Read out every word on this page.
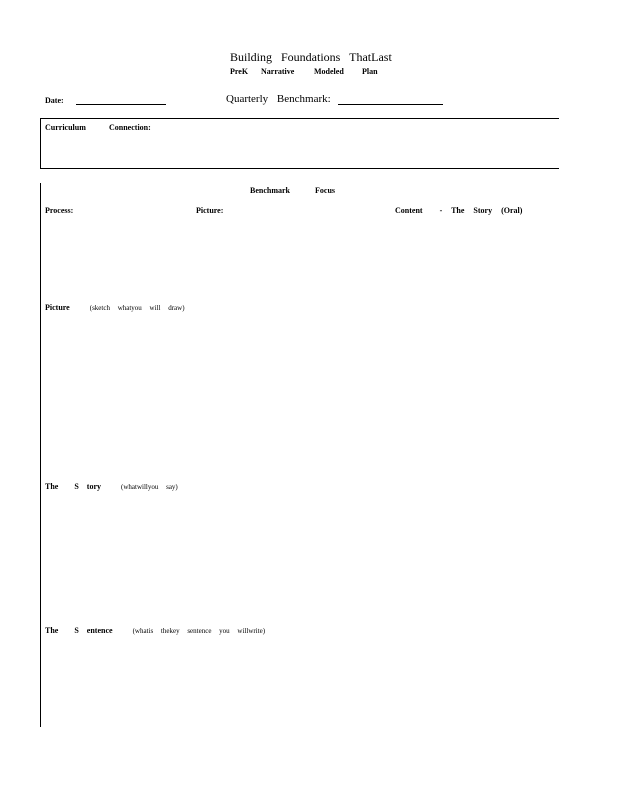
Building Foundations ThatLast
PreK Narrative Modeled Plan
Date:	Quarterly Benchmark:
Curriculum	Connection:
Benchmark	Focus
Process:	Picture:	Content - The Story (Oral)
Picture	(sketch whatyou will draw)
The S tory	(whatwillyou say)
The S entence	(whatis thekey sentence you willwrite)
